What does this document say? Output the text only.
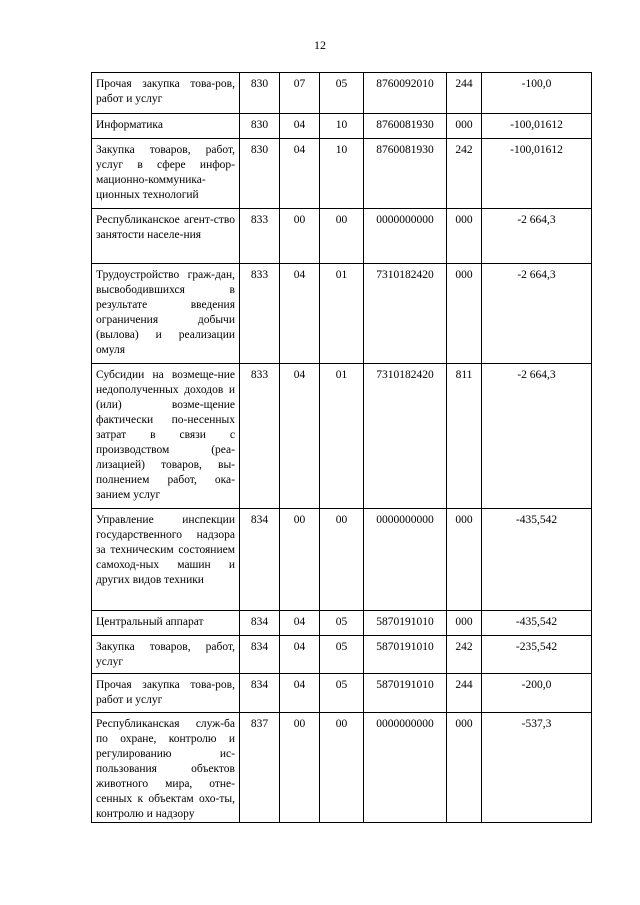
12
Прочая закупка това-ров, работ и услуг	830	07	05	8760092010	244	-100,0
Информатика	830	04	10	8760081930	000	-100,01612
Закупка товаров, работ, услуг в сфере инфор-мационно-коммуника-ционных технологий	830	04	10	8760081930	242	-100,01612
Республиканское агент-ство занятости населе-ния	833	00	00	0000000000	000	-2 664,3
Трудоустройство граж-дан, высвободившихся в результате введения ограничения добычи (вылова) и реализации омуля	833	04	01	7310182420	000	-2 664,3
Субсидии на возмеще-ние недополученных доходов и (или) возме-щение фактически по-несенных затрат в связи с производством (реа-лизацией) товаров, вы-полнением работ, ока-занием услуг	833	04	01	7310182420	811	-2 664,3
Управление инспекции государственного надзора за техническим состоянием самоход-ных машин и других видов техники	834	00	00	0000000000	000	-435,542
Центральный аппарат	834	04	05	5870191010	000	-435,542
Закупка товаров, работ, услуг	834	04	05	5870191010	242	-235,542
Прочая закупка това-ров, работ и услуг	834	04	05	5870191010	244	-200,0
Республиканская служ-ба по охране, контролю и регулированию ис-пользования объектов животного мира, отне-сенных к объектам охо-ты, контролю и надзору	837	00	00	0000000000	000	-537,3
